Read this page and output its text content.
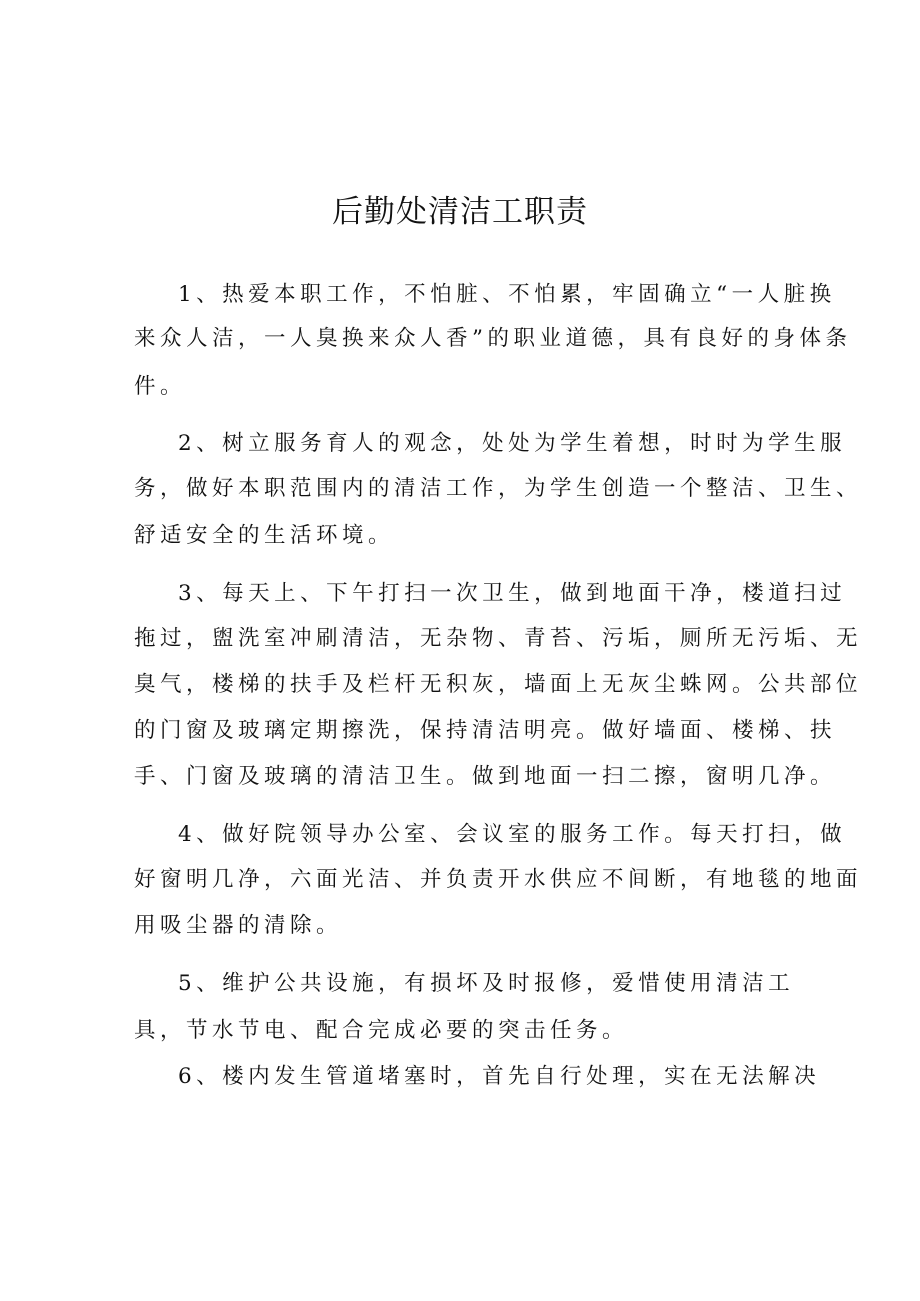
后勤处清洁工职责
1、热爱本职工作，不怕脏、不怕累，牢固确立“一人脏换
来众人洁，一人臭换来众人香”的职业道德，具有良好的身体条
件。
2、树立服务育人的观念，处处为学生着想，时时为学生服
务，做好本职范围内的清洁工作，为学生创造一个整洁、卫生、
舒适安全的生活环境。
3、每天上、下午打扫一次卫生，做到地面干净，楼道扫过
拖过，盥洗室冲刷清洁，无杂物、青苔、污垢，厕所无污垢、无
臭气，楼梯的扶手及栏杆无积灰，墙面上无灰尘蛛网。公共部位
的门窗及玻璃定期擦洗，保持清洁明亮。做好墙面、楼梯、扶
手、门窗及玻璃的清洁卫生。做到地面一扫二擦，窗明几净。
4、做好院领导办公室、会议室的服务工作。每天打扫，做
好窗明几净，六面光洁、并负责开水供应不间断，有地毯的地面
用吸尘器的清除。
5、维护公共设施，有损坏及时报修，爱惜使用清洁工
具，节水节电、配合完成必要的突击任务。
6、楼内发生管道堵塞时，首先自行处理，实在无法解决
